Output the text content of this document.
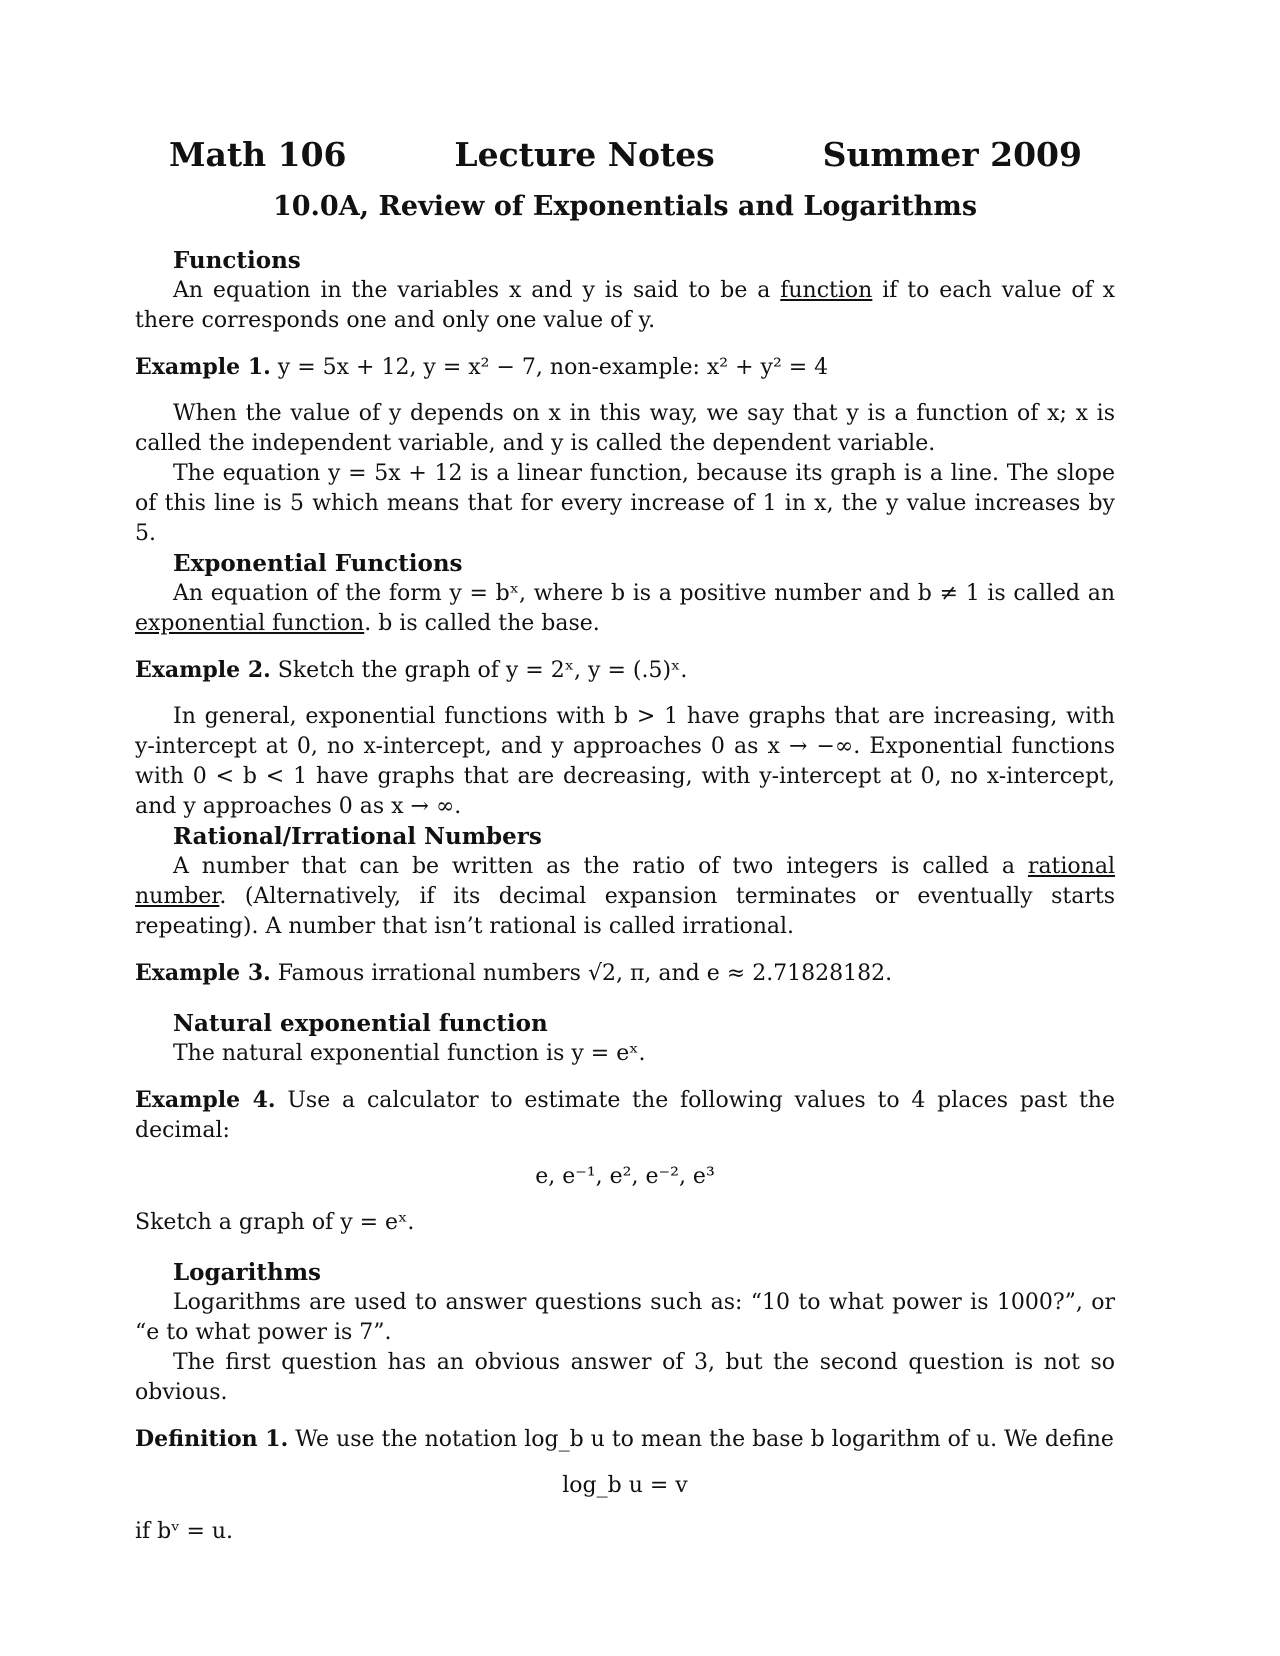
Math 106	Lecture Notes	Summer 2009
10.0A, Review of Exponentials and Logarithms
Functions

An equation in the variables x and y is said to be a function if to each value of x there corresponds one and only one value of y.

Example 1. y = 5x + 12, y = x² − 7, non-example: x² + y² = 4

When the value of y depends on x in this way, we say that y is a function of x; x is called the independent variable, and y is called the dependent variable.

The equation y = 5x + 12 is a linear function, because its graph is a line. The slope of this line is 5 which means that for every increase of 1 in x, the y value increases by 5.

Exponential Functions

An equation of the form y = bˣ, where b is a positive number and b ≠ 1 is called an exponential function. b is called the base.

Example 2. Sketch the graph of y = 2ˣ, y = (.5)ˣ.

In general, exponential functions with b > 1 have graphs that are increasing, with y-intercept at 0, no x-intercept, and y approaches 0 as x → −∞. Exponential functions with 0 < b < 1 have graphs that are decreasing, with y-intercept at 0, no x-intercept, and y approaches 0 as x → ∞.

Rational/Irrational Numbers

A number that can be written as the ratio of two integers is called a rational number. (Alternatively, if its decimal expansion terminates or eventually starts repeating). A number that isn’t rational is called irrational.

Example 3. Famous irrational numbers √2, π, and e ≈ 2.71828182.

Natural exponential function

The natural exponential function is y = eˣ.

Example 4. Use a calculator to estimate the following values to 4 places past the decimal:

e, e⁻¹, e², e⁻², e³

Sketch a graph of y = eˣ.

Logarithms

Logarithms are used to answer questions such as: “10 to what power is 1000?”, or “e to what power is 7”.

The first question has an obvious answer of 3, but the second question is not so obvious.

Definition 1. We use the notation log_b u to mean the base b logarithm of u. We define

log_b u = v

if bᵛ = u.
